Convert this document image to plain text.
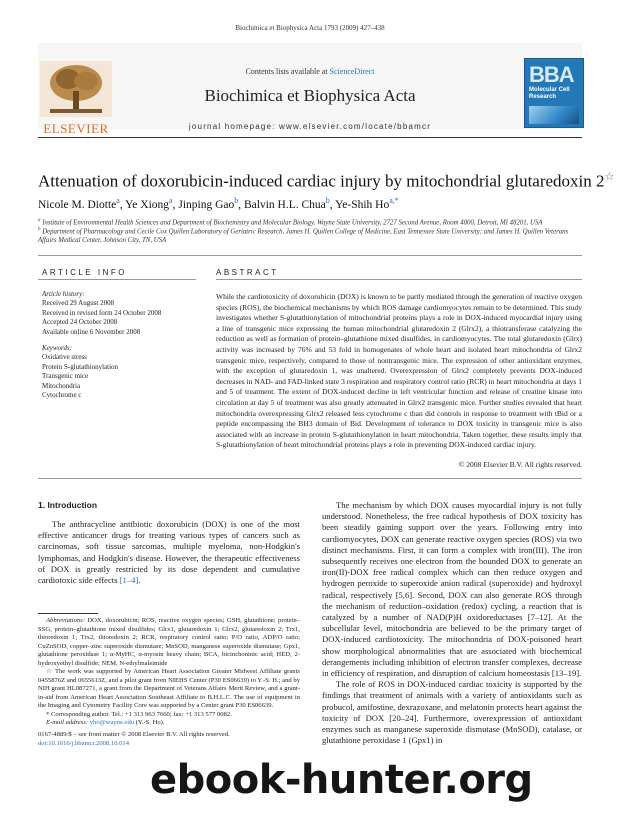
Biochimica et Biophysica Acta 1793 (2009) 427–438
ELSEVIER
Contents lists available at ScienceDirect
Biochimica et Biophysica Acta
journal homepage: www.elsevier.com/locate/bbamcr
BBA
Molecular Cell Research
Attenuation of doxorubicin-induced cardiac injury by mitochondrial glutaredoxin 2☆
Nicole M. Diotte$^a$, Ye Xiong$^a$, Jinping Gao$^b$, Balvin H.L. Chua$^b$, Ye-Shih $Ho^{a,*}$
$^a$ Institute of Environmental Health Sciences and Department of Biochemistry and Molecular Biology, Wayne State University, 2727 Second Avenue, Room 4000, Detroit, MI 48201, USA
$^b$ Department of Pharmacology and Cecile Cox Quillen Laboratory of Geriatric Research, James H. Quillen College of Medicine, East Tennessee State University; and James H. Quillen Veterans Affairs Medical Center, Johnson City, TN, USA
ARTICLE INFO	ABSTRACT
Article history:
Received 29 August 2008
Received in revised form 24 October 2008
Accepted 24 October 2008
Available online 6 November 2008
Keywords:
Oxidative stress
Protein S-glutathionylation
Transgenic mice
Mitochondria
Cytochrome c
While the cardiotoxicity of doxorubicin (DOX) is known to be partly mediated through the generation of reactive oxygen species (ROS), the biochemical mechanisms by which ROS damage cardiomyocytes remain to be determined. This study investigates whether S-glutathionylation of mitochondrial proteins plays a role in DOX-induced myocardial injury using a line of transgenic mice expressing the human mitochondrial glutaredoxin 2 (Glrx2), a thiotransferase catalyzing the reduction as well as formation of protein–glutathione mixed disulfides, in cardiomyocytes. The total glutaredoxin (Glrx) activity was increased by 76% and 53 fold in homogenates of whole heart and isolated heart mitochondria of Glrx2 transgenic mice, respectively, compared to those of nontransgenic mice. The expression of other antioxidant enzymes, with the exception of glutaredoxin 1, was unaltered. Overexpression of Glrx2 completely prevents DOX-induced decreases in NAD- and FAD-linked state 3 respiration and respiratory control ratio (RCR) in heart mitochondria at days 1 and 5 of treatment. The extent of DOX-induced decline in left ventricular function and release of creatine kinase into circulation at day 5 of treatment was also greatly attenuated in Glrx2 transgenic mice. Further studies revealed that heart mitochondria overexpressing Glrx2 released less cytochrome c than did controls in response to treatment with tBid or a peptide encompassing the BH3 domain of Bid. Development of tolerance to DOX toxicity in transgenic mice is also associated with an increase in protein S-glutathionylation in heart mitochondria. Taken together, these results imply that S-glutathionylation of heart mitochondrial proteins plays a role in preventing DOX-induced cardiac injury.
© 2008 Elsevier B.V. All rights reserved.
1. Introduction
The anthracycline antibiotic doxorubicin (DOX) is one of the most effective anticancer drugs for treating various types of cancers such as carcinomas, soft tissue sarcomas, multiple myeloma, non-Hodgkin's lymphomas, and Hodgkin's disease. However, the therapeutic effectiveness of DOX is greatly restricted by its dose dependent and cumulative cardiotoxic side effects [1–4].

The mechanism by which DOX causes myocardial injury is not fully understood. Nonetheless, the free radical hypothesis of DOX toxicity has been steadily gaining support over the years. Following entry into cardiomyocytes, DOX can generate reactive oxygen species (ROS) via two distinct mechanisms. First, it can form a complex with iron(III). The iron subsequently receives one electron from the bounded DOX to generate an iron(II)-DOX free radical complex which can then reduce oxygen and hydrogen peroxide to superoxide anion radical (superoxide) and hydroxyl radical, respectively [5,6]. Second, DOX can also generate ROS through the mechanism of reduction–oxidation (redox) cycling, a reaction that is catalyzed by a number of NAD(P)H oxidoreductases [7–12]. At the subcellular level, mitochondria are believed to be the primary target of DOX-induced cardiotoxicity. The mitochondria of DOX-poisoned heart show morphological abnormalities that are associated with biochemical derangements including inhibition of electron transfer complexes, decrease in efficiency of respiration, and disruption of calcium homeostasis [13–19].

The role of ROS in DOX-induced cardiac toxicity is supported by the findings that treatment of animals with a variety of antioxidants such as probucol, amifostine, dexrazoxane, and melatonin protects heart against the toxicity of DOX [20–24]. Furthermore, overexpression of antioxidant enzymes such as manganese superoxide dismutase (MnSOD), catalase, or glutathione peroxidase 1 (Gpx1) in

Abbreviations: DOX, doxorubicin; ROS, reactive oxygen species; GSH, glutathione; protein–SSG, protein–glutathione mixed disulfides; Glrx1, glutaredoxin 1; Glrx2, glutaredoxin 2; Trx1, thioredoxin 1; Trx2, thioredoxin 2; RCR, respiratory control ratio; P/O ratio, ADP/O ratio; CuZnSOD, copper–zinc superoxide dismutase; MnSOD, manganese superoxide dismutase; Gpx1, glutathione peroxidase 1; α-MyHC, α-myosin heavy chain; BCA, bicinchoninic acid; HED, 2-hydroxyethyl disulfide; NEM, N-ethylmaleimide

☆ The work was supported by American Heart Association Greater Midwest Affiliate grants 0455876Z and 0655613Z, and a pilot grant from NIEHS Center (P30 ES06639) to Y.-S. H.; and by NIH grant HL087271, a grant from the Department of Veterans Affairs Merit Review, and a grant-in-aid from American Heart Association Southeast Affiliate to B.H.L.C. The use of equipment in the Imaging and Cytometry Facility Core was supported by a Center grant P30 ES06639.

* Corresponding author. Tel.: +1 313 963 7660; fax: +1 313 577 0082.

E-mail address: yho@wayne.edu (Y.-S. Ho).

0167-4889/$ – see front matter © 2008 Elsevier B.V. All rights reserved.
doi:10.1016/j.bbamcr.2008.10.014
ebook-hunter.org
